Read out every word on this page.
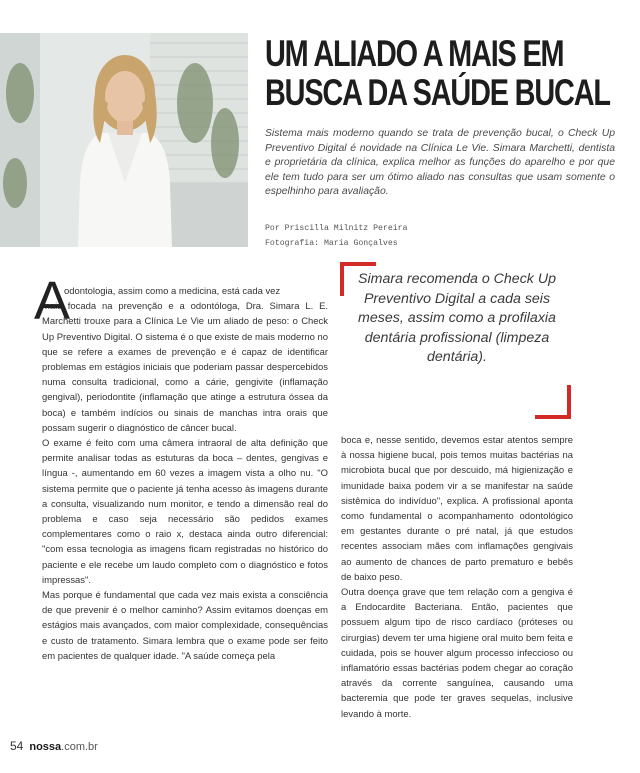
UM ALIADO A MAIS EM
BUSCA DA SAÚDE BUCAL
Sistema mais moderno quando se trata de prevenção bucal, o Check Up Preventivo Digital é novidade na Clínica Le Vie. Simara Marchetti, dentista e proprietária da clínica, explica melhor as funções do aparelho e por que ele tem tudo para ser um ótimo aliado nas consultas que usam somente o espelhinho para avaliação.
Por Priscilla Milnitz Pereira
Fotografia: Maria Gonçalves
A

odontologia, assim como a medicina, está cada vez
mais focada na prevenção e a odontóloga, Dra. Simara L. E. Marchetti trouxe para a Clínica Le Vie um aliado de peso: o Check Up Preventivo Digital. O sistema é o que existe de mais moderno no que se refere a exames de prevenção e é capaz de identificar problemas em estágios iniciais que poderiam passar despercebidos numa consulta tradicional, como a cárie, gengivite (inflamação gengival), periodontite (inflamação que atinge a estrutura óssea da boca) e também indícios ou sinais de manchas intra orais que possam sugerir o diagnóstico de câncer bucal.

O exame é feito com uma câmera intraoral de alta definição que permite analisar todas as estuturas da boca – dentes, gengivas e língua -, aumentando em 60 vezes a imagem vista a olho nu. "O sistema permite que o paciente já tenha acesso às imagens durante a consulta, visualizando num monitor, e tendo a dimensão real do problema e caso seja necessário são pedidos exames complementares como o raio x, destaca ainda outro diferencial: "com essa tecnologia as imagens ficam registradas no histórico do paciente e ele recebe um laudo completo com o diagnóstico e fotos impressas".

Mas porque é fundamental que cada vez mais exista a consciência de que prevenir é o melhor caminho? Assim evitamos doenças em estágios mais avançados, com maior complexidade, consequências e custo de tratamento. Simara lembra que o exame pode ser feito em pacientes de qualquer idade. "A saúde começa pela

Simara recomenda o Check Up Preventivo Digital a cada seis meses, assim como a profilaxia dentária profissional (limpeza dentária).

boca e, nesse sentido, devemos estar atentos sempre à nossa higiene bucal, pois temos muitas bactérias na microbiota bucal que por descuido, má higienização e imunidade baixa podem vir a se manifestar na saúde sistêmica do indivíduo", explica. A profissional aponta como fundamental o acompanhamento odontológico em gestantes durante o pré natal, já que estudos recentes associam mães com inflamações gengivais ao aumento de chances de parto prematuro e bebês de baixo peso.

Outra doença grave que tem relação com a gengiva é a Endocardite Bacteriana. Então, pacientes que possuem algum tipo de risco cardíaco (próteses ou cirurgias) devem ter uma higiene oral muito bem feita e cuidada, pois se houver algum processo infeccioso ou inflamatório essas bactérias podem chegar ao coração através da corrente sanguínea, causando uma bacteremia que pode ter graves sequelas, inclusive levando à morte.

54 nossa.com.br
